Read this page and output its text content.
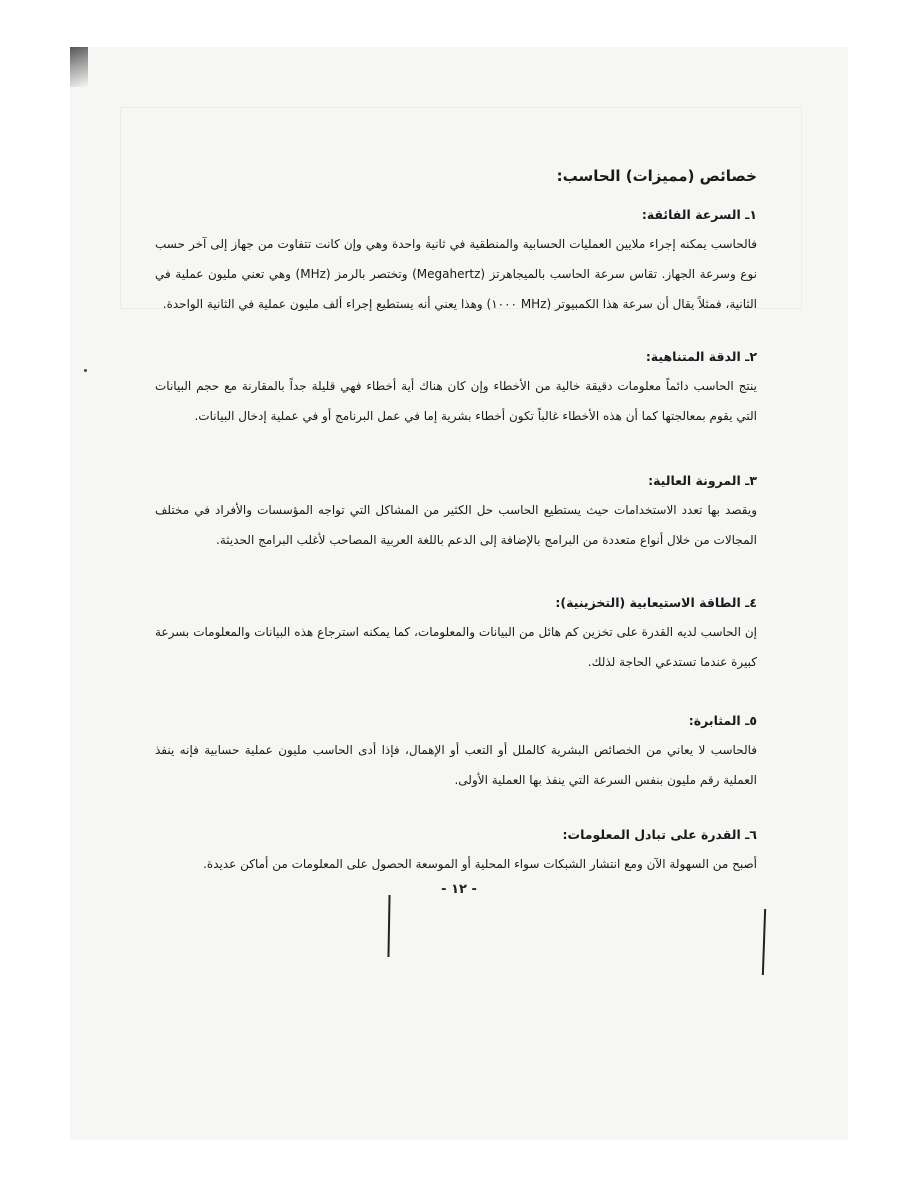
خصائص (مميزات) الحاسب:
١ـ السرعة الفائقة:

فالحاسب يمكنه إجراء ملايين العمليات الحسابية والمنطقية في ثانية واحدة وهي وإن كانت تتفاوت من جهاز إلى آخر حسب نوع وسرعة الجهاز. تقاس سرعة الحاسب بالميجاهرتز (Megahertz) وتختصر بالرمز (MHz) وهي تعني مليون عملية في الثانية، فمثلاً يقال أن سرعة هذا الكمبيوتر (MHz ١٠٠٠) وهذا يعني أنه يستطيع إجراء ألف مليون عملية في الثانية الواحدة.

٢ـ الدقة المتناهية:

ينتج الحاسب دائماً معلومات دقيقة خالية من الأخطاء وإن كان هناك أية أخطاء فهي قليلة جداً بالمقارنة مع حجم البيانات التي يقوم بمعالجتها كما أن هذه الأخطاء غالباً تكون أخطاء بشرية إما في عمل البرنامج أو في عملية إدخال البيانات.

٣ـ المرونة العالية:

ويقصد بها تعدد الاستخدامات حيث يستطيع الحاسب حل الكثير من المشاكل التي تواجه المؤسسات والأفراد في مختلف المجالات من خلال أنواع متعددة من البرامج بالإضافة إلى الدعم باللغة العربية المصاحب لأغلب البرامج الحديثة.

٤ـ الطاقة الاستيعابية (التخزينية):

إن الحاسب لديه القدرة على تخزين كم هائل من البيانات والمعلومات، كما يمكنه استرجاع هذه البيانات والمعلومات بسرعة كبيرة عندما تستدعي الحاجة لذلك.

٥ـ المثابرة:

فالحاسب لا يعاني من الخصائص البشرية كالملل أو التعب أو الإهمال، فإذا أدى الحاسب مليون عملية حسابية فإنه ينفذ العملية رقم مليون بنفس السرعة التي ينفذ بها العملية الأولى.

٦ـ القدرة على تبادل المعلومات:

أصبح من السهولة الآن ومع انتشار الشبكات سواء المحلية أو الموسعة الحصول على المعلومات من أماكن عديدة.

- ١٢ -
